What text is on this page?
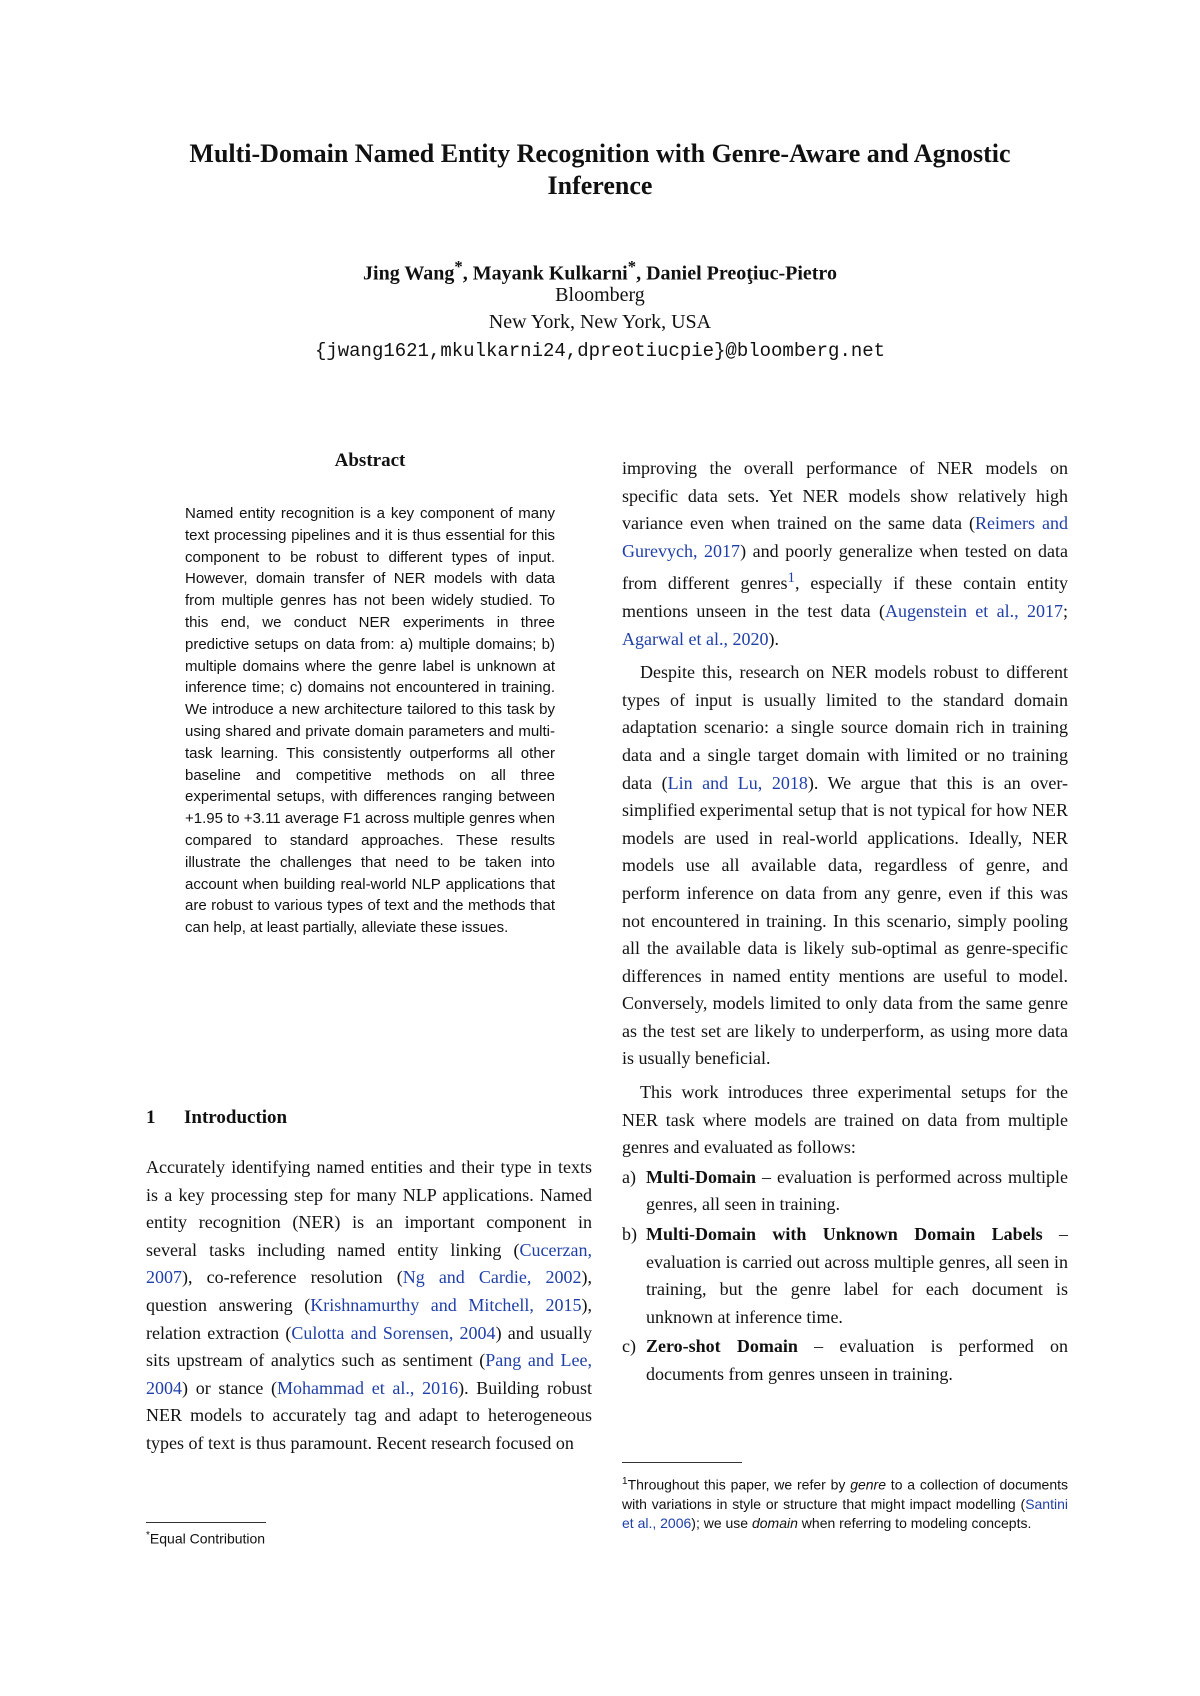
Multi-Domain Named Entity Recognition with Genre-Aware and Agnostic Inference
Jing Wang*, Mayank Kulkarni*, Daniel Preoţiuc-Pietro
Bloomberg
New York, New York, USA
{jwang1621,mkulkarni24,dpreotiucpie}@bloomberg.net
Abstract

Named entity recognition is a key component of many text processing pipelines and it is thus essential for this component to be robust to different types of input. However, domain transfer of NER models with data from multiple genres has not been widely studied. To this end, we conduct NER experiments in three predictive setups on data from: a) multiple domains; b) multiple domains where the genre label is unknown at inference time; c) domains not encountered in training. We introduce a new architecture tailored to this task by using shared and private domain parameters and multi-task learning. This consistently outperforms all other baseline and competitive methods on all three experimental setups, with differences ranging between +1.95 to +3.11 average F1 across multiple genres when compared to standard approaches. These results illustrate the challenges that need to be taken into account when building real-world NLP applications that are robust to various types of text and the methods that can help, at least partially, alleviate these issues.

1 Introduction

Accurately identifying named entities and their type in texts is a key processing step for many NLP applications. Named entity recognition (NER) is an important component in several tasks including named entity linking (Cucerzan, 2007), co-reference resolution (Ng and Cardie, 2002), question answering (Krishnamurthy and Mitchell, 2015), relation extraction (Culotta and Sorensen, 2004) and usually sits upstream of analytics such as sentiment (Pang and Lee, 2004) or stance (Mohammad et al., 2016). Building robust NER models to accurately tag and adapt to heterogeneous types of text is thus paramount. Recent research focused on

*Equal Contribution

improving the overall performance of NER models on specific data sets. Yet NER models show relatively high variance even when trained on the same data (Reimers and Gurevych, 2017) and poorly generalize when tested on data from different genres$^1$, especially if these contain entity mentions unseen in the test data (Augenstein et al., 2017; Agarwal et al., 2020).

Despite this, research on NER models robust to different types of input is usually limited to the standard domain adaptation scenario: a single source domain rich in training data and a single target domain with limited or no training data (Lin and Lu, 2018). We argue that this is an over-simplified experimental setup that is not typical for how NER models are used in real-world applications. Ideally, NER models use all available data, regardless of genre, and perform inference on data from any genre, even if this was not encountered in training. In this scenario, simply pooling all the available data is likely sub-optimal as genre-specific differences in named entity mentions are useful to model. Conversely, models limited to only data from the same genre as the test set are likely to underperform, as using more data is usually beneficial.

This work introduces three experimental setups for the NER task where models are trained on data from multiple genres and evaluated as follows:

a) Multi-Domain – evaluation is performed across multiple genres, all seen in training.
b) Multi-Domain with Unknown Domain Labels – evaluation is carried out across multiple genres, all seen in training, but the genre label for each document is unknown at inference time.
c) Zero-shot Domain – evaluation is performed on documents from genres unseen in training.

$^1$Throughout this paper, we refer by genre to a collection of documents with variations in style or structure that might impact modelling (Santini et al., 2006); we use domain when referring to modeling concepts.
